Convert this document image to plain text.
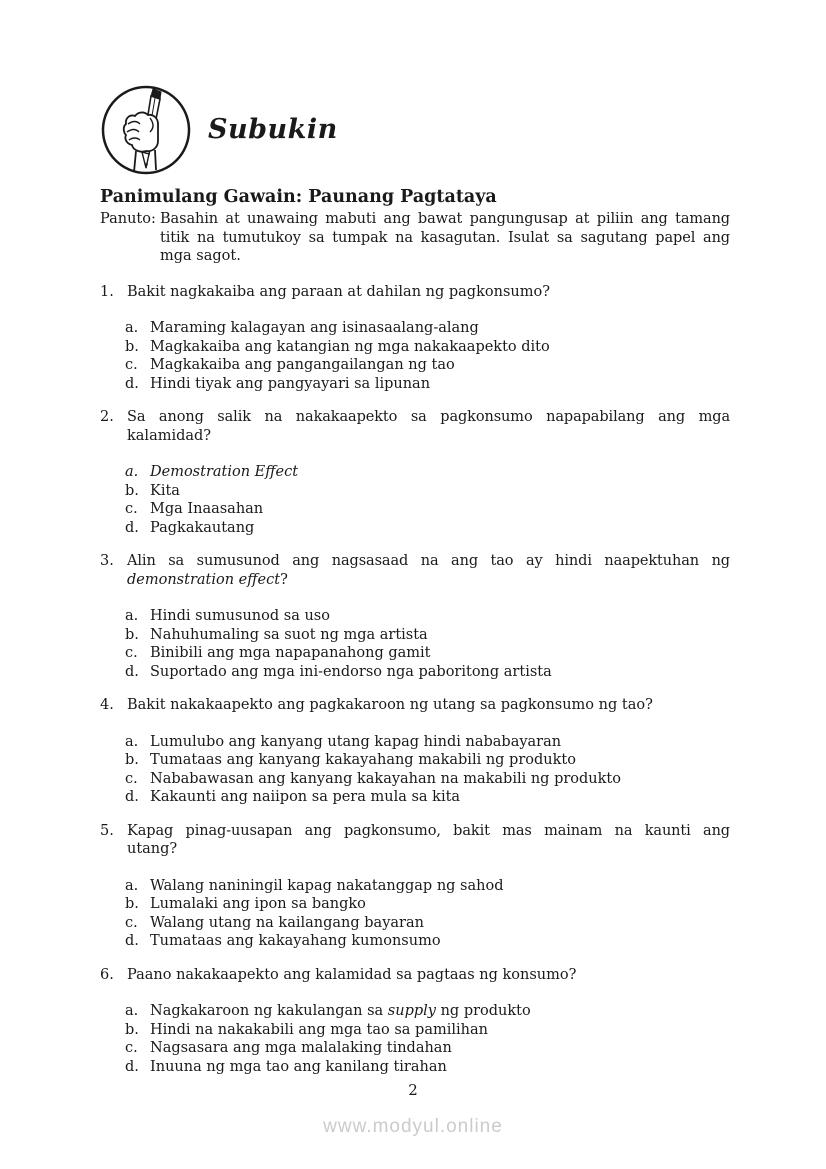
Subukin
Panimulang Gawain: Paunang Pagtataya
Panuto: Basahin at unawaing mabuti ang bawat pangungusap at piliin ang tamang
titik na tumutukoy sa tumpak na kasagutan. Isulat sa sagutang papel ang
mga sagot.
1. Bakit nagkakaiba ang paraan at dahilan ng pagkonsumo?
a. Maraming kalagayan ang isinasaalang-alang
b. Magkakaiba ang katangian ng mga nakakaapekto dito
c. Magkakaiba ang pangangailangan ng tao
d. Hindi tiyak ang pangyayari sa lipunan
2. Sa anong salik na nakakaapekto sa pagkonsumo napapabilang ang mga
kalamidad?
a. Demostration Effect
b. Kita
c. Mga Inaasahan
d. Pagkakautang
3. Alin sa sumusunod ang nagsasaad na ang tao ay hindi naapektuhan ng
demonstration effect?
a. Hindi sumusunod sa uso
b. Nahuhumaling sa suot ng mga artista
c. Binibili ang mga napapanahong gamit
d. Suportado ang mga ini-endorso nga paboritong artista
4. Bakit nakakaapekto ang pagkakaroon ng utang sa pagkonsumo ng tao?
a. Lumulubo ang kanyang utang kapag hindi nababayaran
b. Tumataas ang kanyang kakayahang makabili ng produkto
c. Nababawasan ang kanyang kakayahan na makabili ng produkto
d. Kakaunti ang naiipon sa pera mula sa kita
5. Kapag pinag-uusapan ang pagkonsumo, bakit mas mainam na kaunti ang
utang?
a. Walang naniningil kapag nakatanggap ng sahod
b. Lumalaki ang ipon sa bangko
c. Walang utang na kailangang bayaran
d. Tumataas ang kakayahang kumonsumo
6. Paano nakakaapekto ang kalamidad sa pagtaas ng konsumo?
a. Nagkakaroon ng kakulangan sa supply ng produkto
b. Hindi na nakakabili ang mga tao sa pamilihan
c. Nagsasara ang mga malalaking tindahan
d. Inuuna ng mga tao ang kanilang tirahan
2
www.modyul.online
